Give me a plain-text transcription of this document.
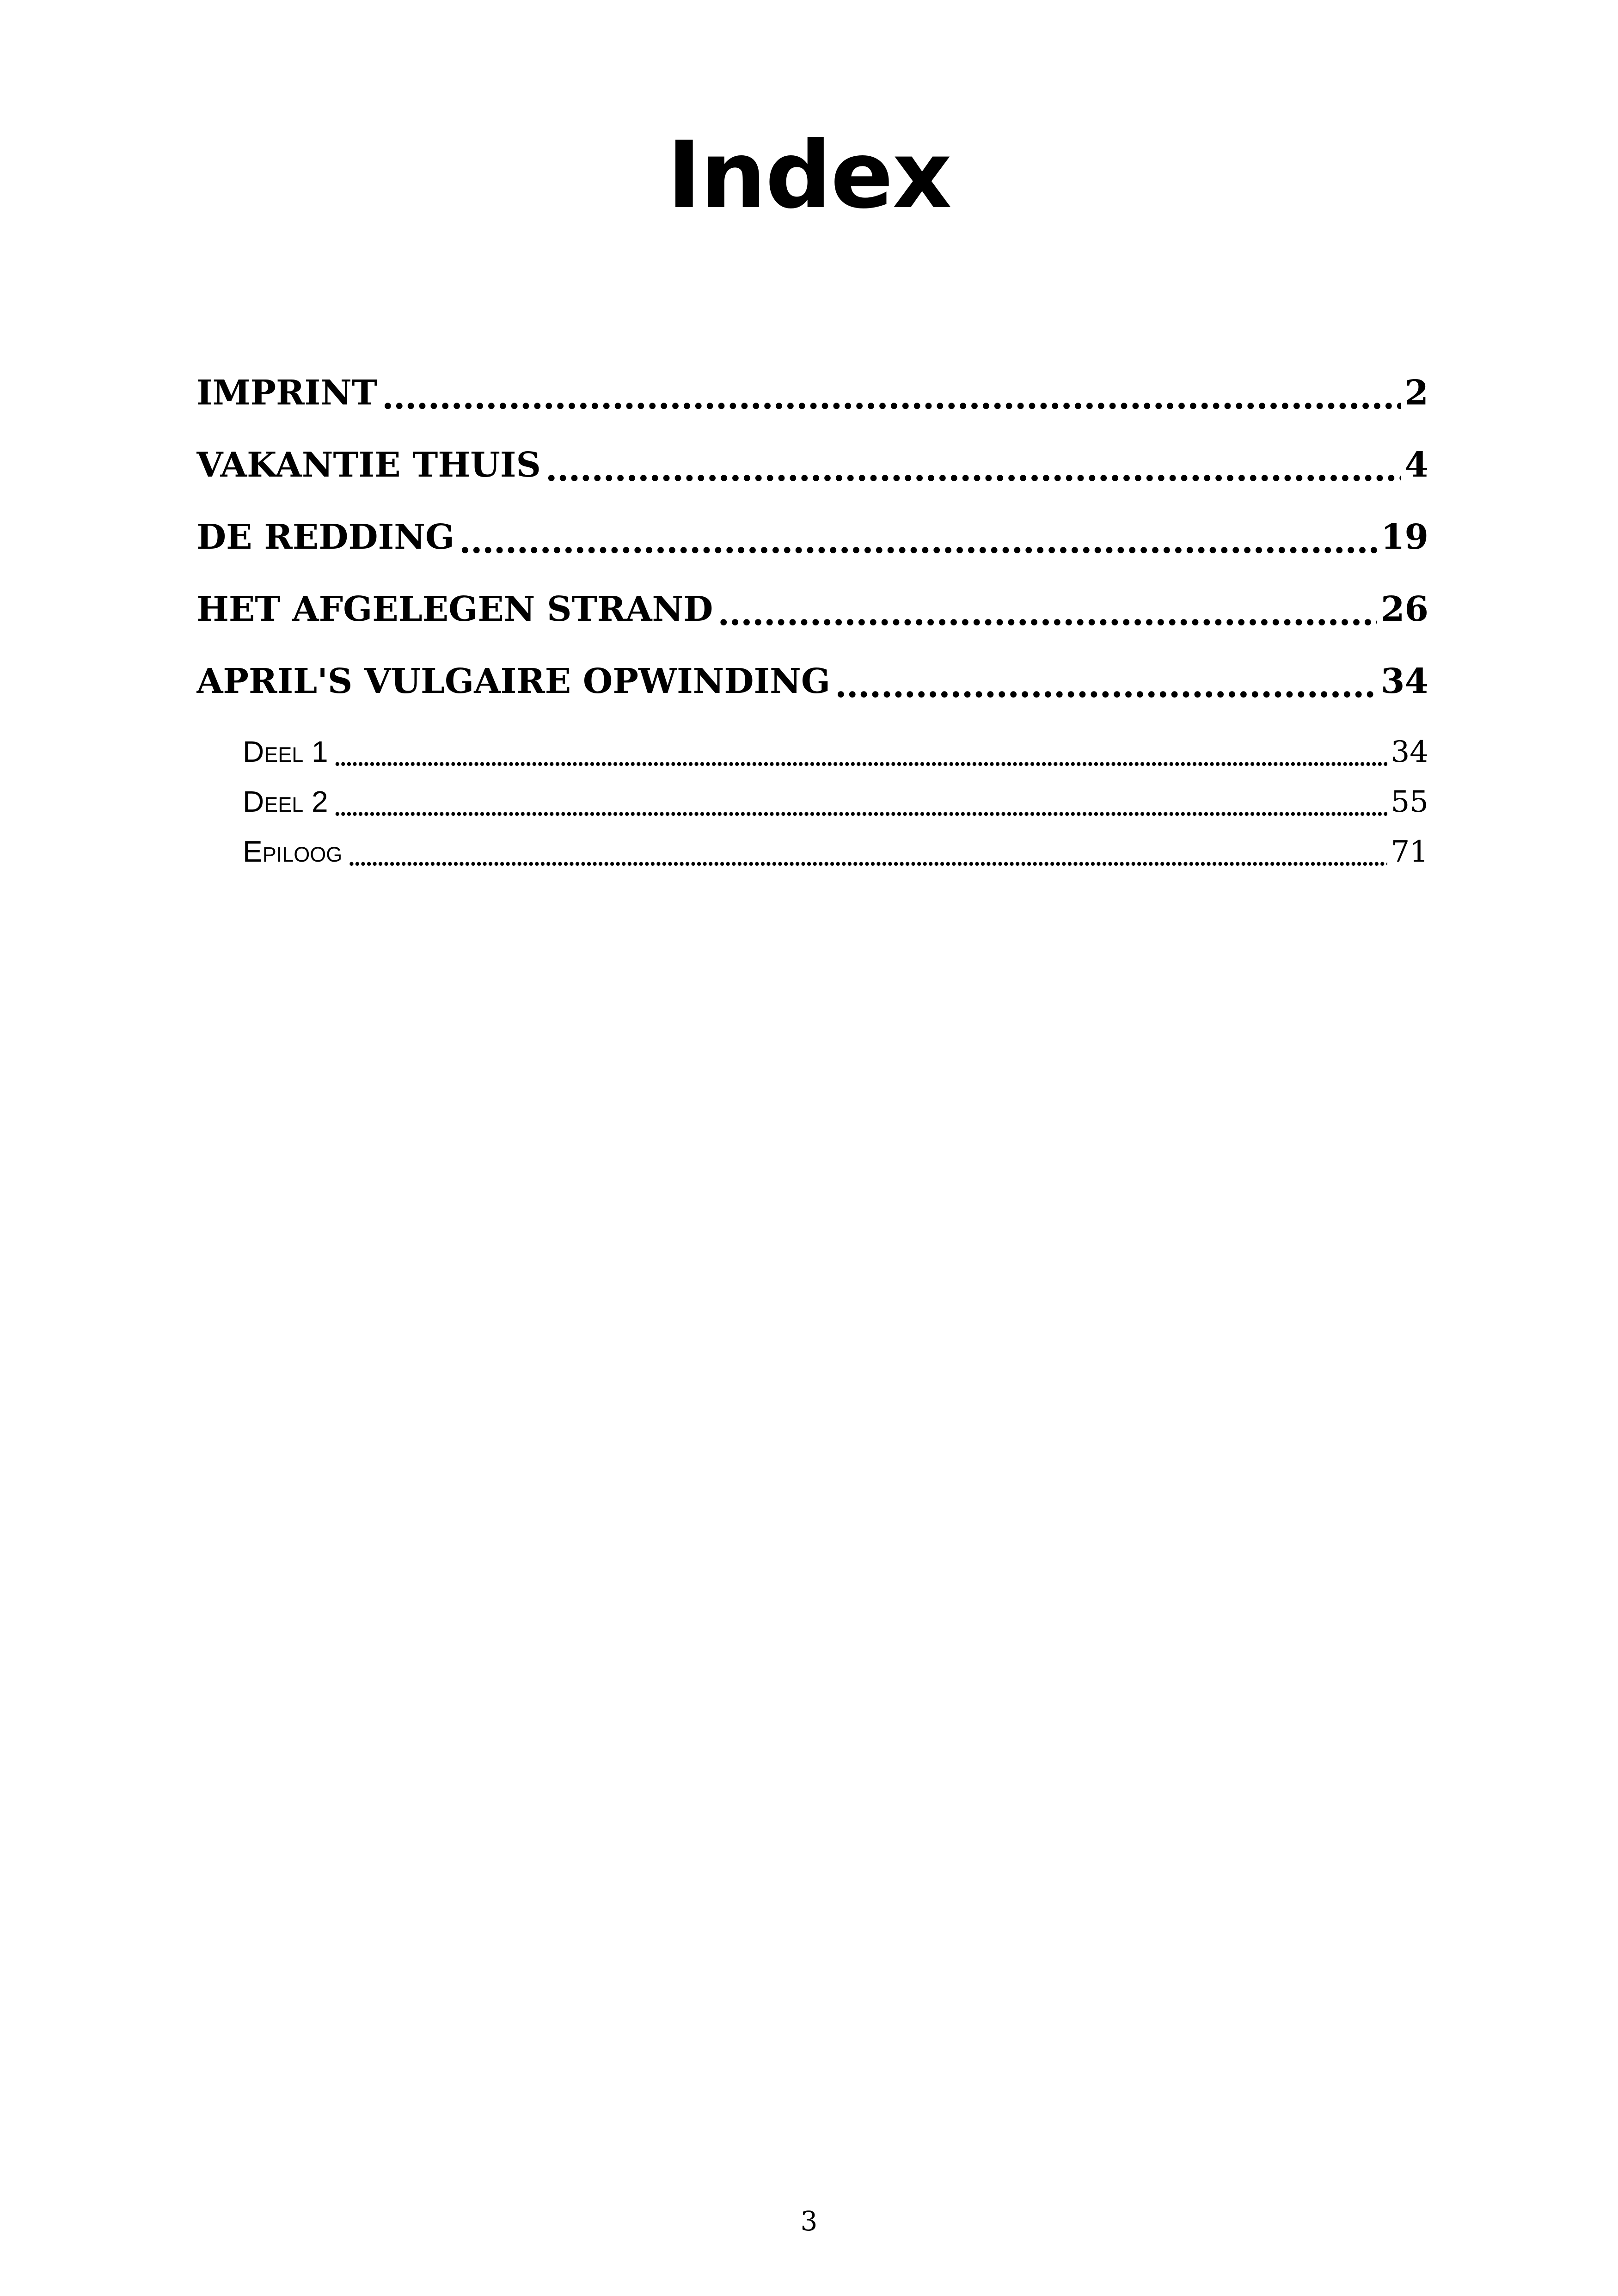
Index
IMPRINT . . .	2
VAKANTIE THUIS . . .	4
DE REDDING . . .	19
HET AFGELEGEN STRAND . . .	26
APRIL'S VULGAIRE OPWINDING . . .	34
Deel 1 . . .	34
Deel 2 . . .	55
Epiloog . . .	71
3
